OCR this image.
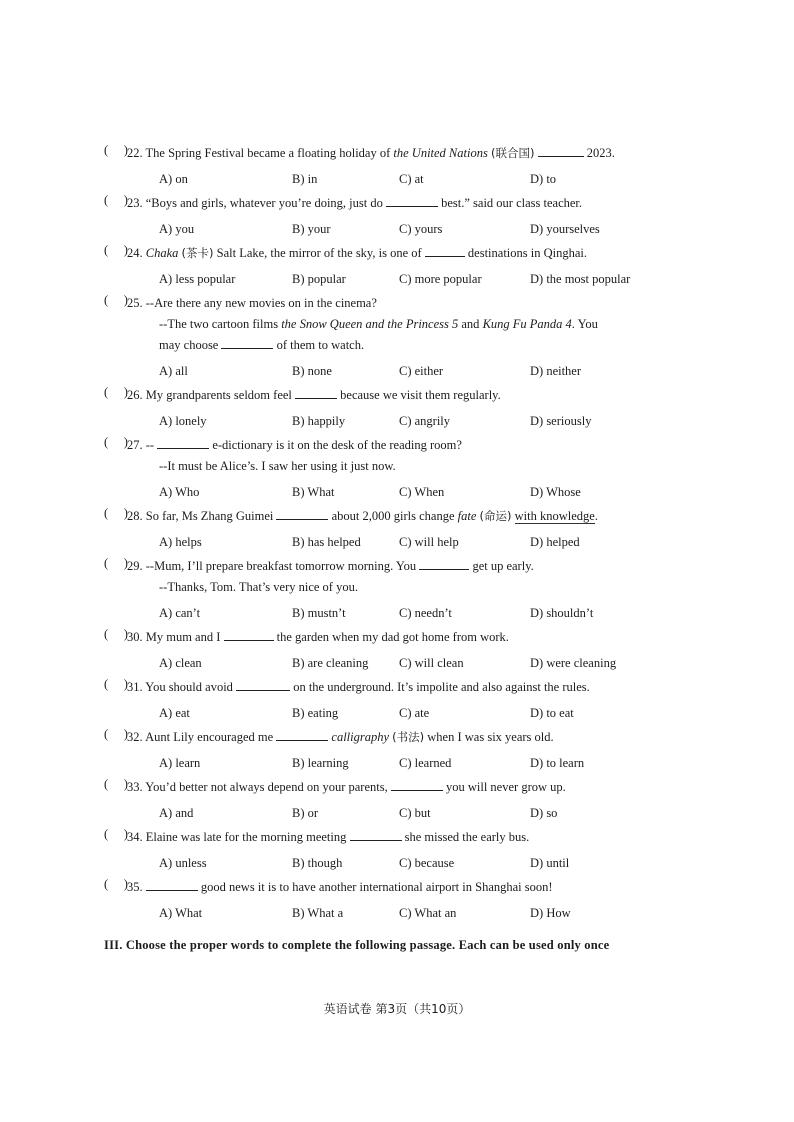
(     ) 22. The Spring Festival became a floating holiday of the United Nations (联合国)	2023.
A) on	B) in	C) at	D) to
(     ) 23. “Boys and girls, whatever you’re doing, just do	best.” said our class teacher.
A) you	B) your	C) yours	D) yourselves
(     ) 24. Chaka (茶卡) Salt Lake, the mirror of the sky, is one of	destinations in Qinghai.
A) less popular	B) popular	C) more popular	D) the most popular
(     ) 25. --Are there any new movies on in the cinema?
--The two cartoon films the Snow Queen and the Princess 5 and Kung Fu Panda 4. You
may choose	of them to watch.
A) all	B) none	C) either	D) neither
(     ) 26. My grandparents seldom feel	because we visit them regularly.
A) lonely	B) happily	C) angrily	D) seriously
(     ) 27. --	e-dictionary is it on the desk of the reading room?
--It must be Alice’s. I saw her using it just now.
A) Who	B) What	C) When	D) Whose
(     ) 28. So far, Ms Zhang Guimei	about 2,000 girls change fate (命运) with knowledge.
A) helps	B) has helped	C) will help	D) helped
(     ) 29. --Mum, I’ll prepare breakfast tomorrow morning. You	get up early.
--Thanks, Tom. That’s very nice of you.
A) can’t	B) mustn’t	C) needn’t	D) shouldn’t
(     ) 30. My mum and I	the garden when my dad got home from work.
A) clean	B) are cleaning C) will clean	D) were cleaning
(     ) 31. You should avoid	on the underground. It’s impolite and also against the rules.
A) eat	B) eating	C) ate	D) to eat
(     ) 32. Aunt Lily encouraged me	calligraphy (书法) when I was six years old.
A) learn	B) learning	C) learned	D) to learn
(     ) 33. You’d better not always depend on your parents,	you will never grow up.
A) and	B) or	C) but	D) so
(     ) 34. Elaine was late for the morning meeting	she missed the early bus.
A) unless	B) though	C) because	D) until
(     ) 35.	good news it is to have another international airport in Shanghai soon!
A) What	B) What a	C) What an	D) How
III. Choose the proper words to complete the following passage. Each can be used only once
英语试卷 第3页（共10页）
